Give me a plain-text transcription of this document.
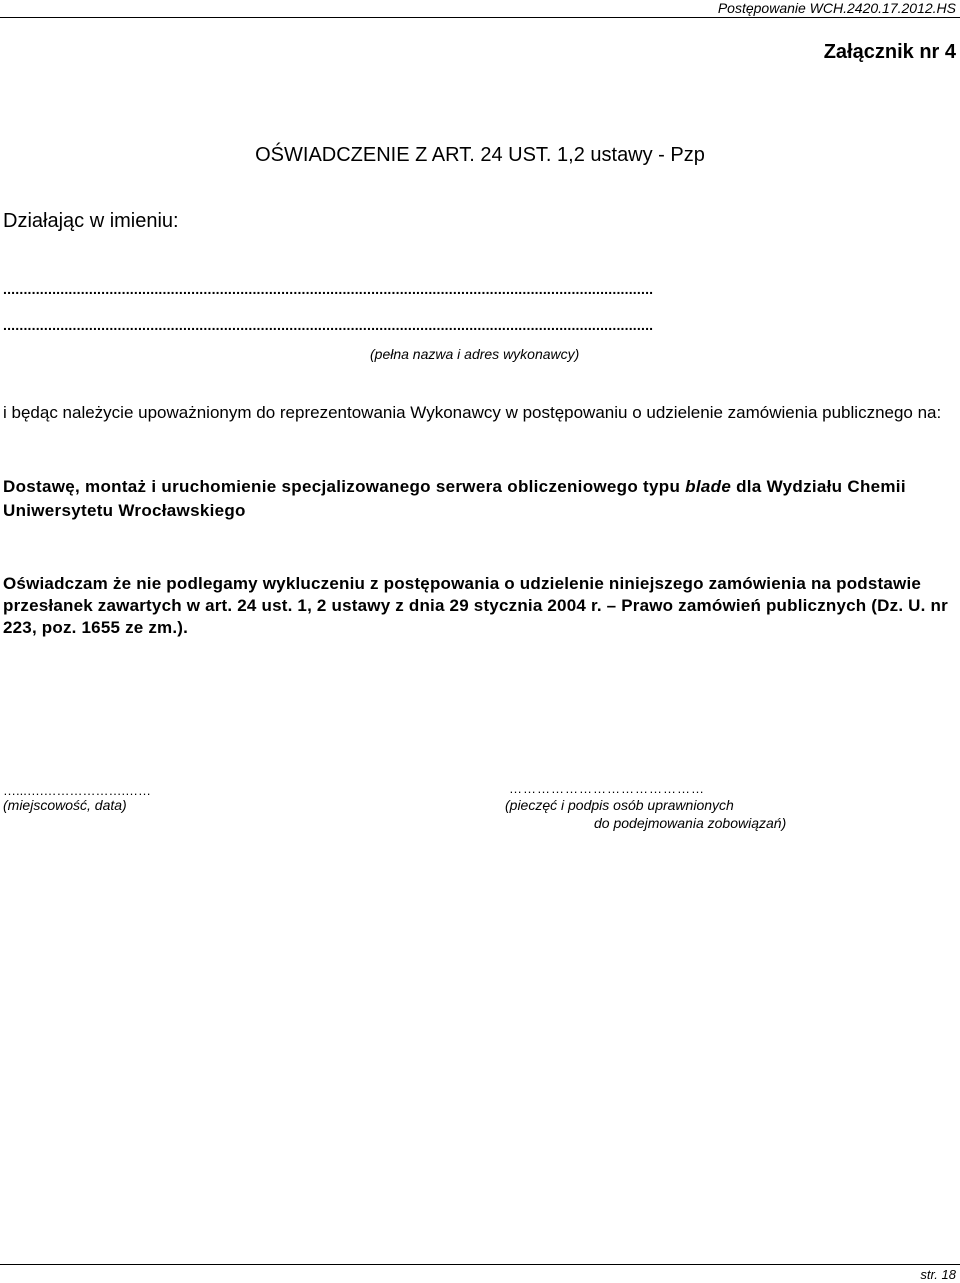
Postępowanie WCH.2420.17.2012.HS
Załącznik nr 4
OŚWIADCZENIE Z ART. 24 UST. 1,2 ustawy - Pzp
Działając w imieniu:
...............................................................................................................................................................
...............................................................................................................................................................
(pełna nazwa i adres wykonawcy)
i będąc należycie upoważnionym do reprezentowania Wykonawcy w postępowaniu o udzielenie zamówienia publicznego na:
Dostawę, montaż i uruchomienie specjalizowanego serwera obliczeniowego typu blade dla Wydziału Chemii Uniwersytetu Wrocławskiego
Oświadczam że nie podlegamy wykluczeniu z postępowania o udzielenie niniejszego zamówienia na podstawie przesłanek zawartych w art. 24 ust. 1, 2 ustawy z dnia 29 stycznia 2004 r. – Prawo zamówień publicznych (Dz. U. nr 223, poz. 1655 ze zm.).
…...….……………….……
(miejscowość, data)
……………………………………
(pieczęć i podpis osób uprawnionych
do podejmowania zobowiązań)
str. 18
